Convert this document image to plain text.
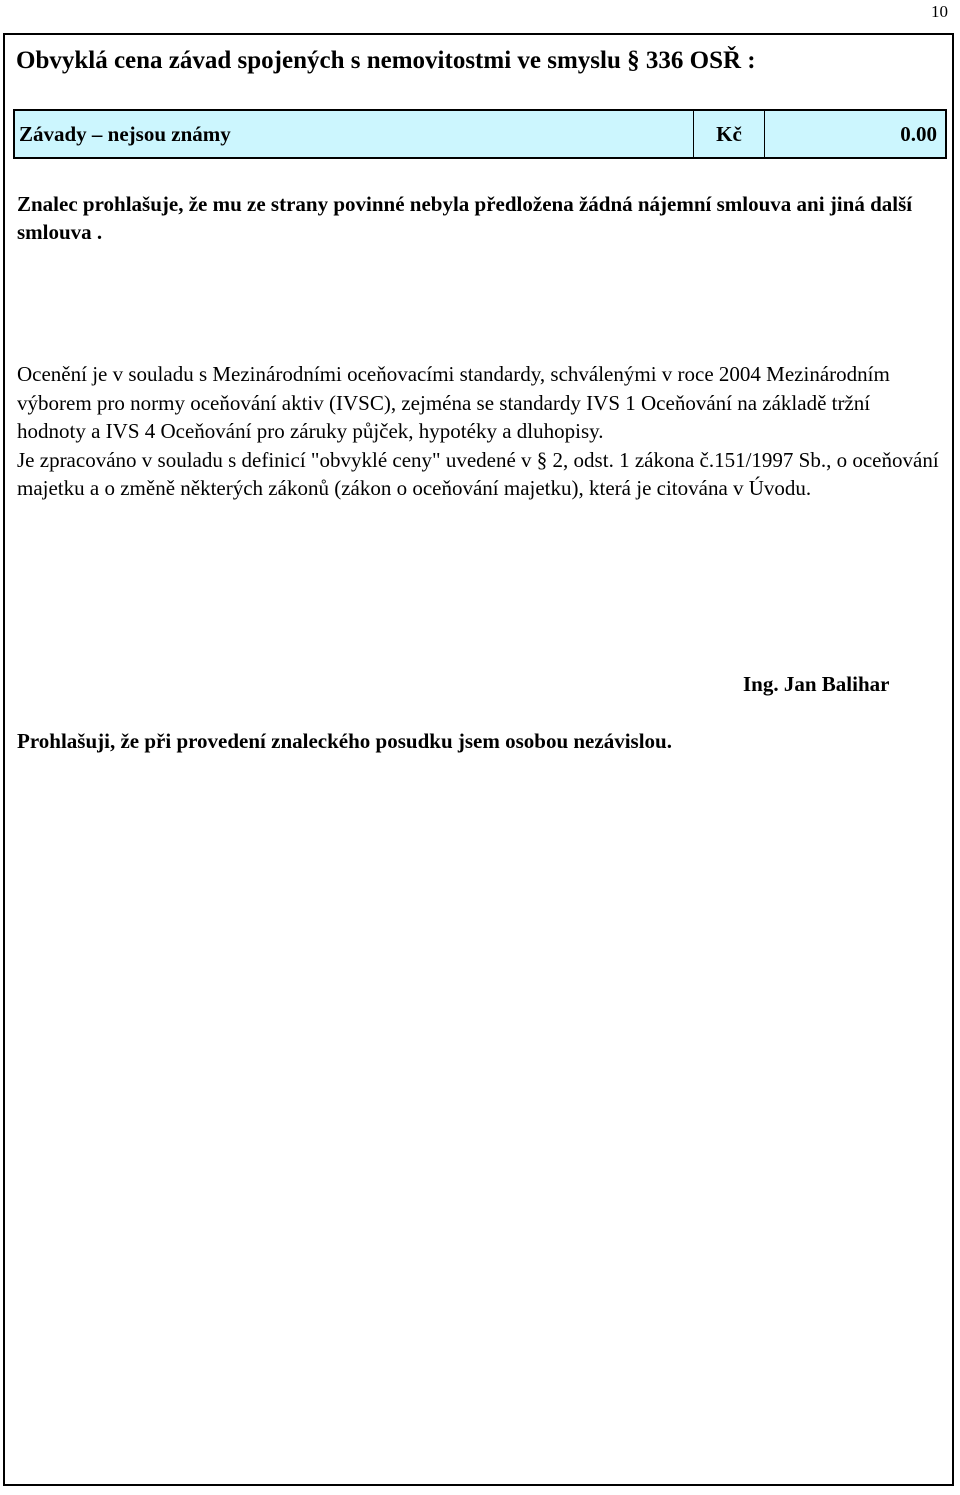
10
Obvyklá cena závad spojených s nemovitostmi ve smyslu § 336 OSŘ :
Závady – nejsou známy	Kč	0.00
Znalec prohlašuje, že mu ze strany povinné nebyla předložena žádná nájemní smlouva ani jiná další smlouva .

Ocenění je v souladu s Mezinárodními oceňovacími standardy, schválenými v roce 2004 Mezinárodním výborem pro normy oceňování aktiv (IVSC), zejména se standardy IVS 1 Oceňování na základě tržní hodnoty a IVS 4 Oceňování pro záruky půjček, hypotéky a dluhopisy.

Je zpracováno v souladu s definicí "obvyklé ceny" uvedené v § 2, odst. 1 zákona č.151/1997 Sb., o oceňování majetku a o změně některých zákonů (zákon o oceňování majetku), která je citována v Úvodu.

Ing. Jan Balihar
Prohlašuji, že při provedení znaleckého posudku jsem osobou nezávislou.
